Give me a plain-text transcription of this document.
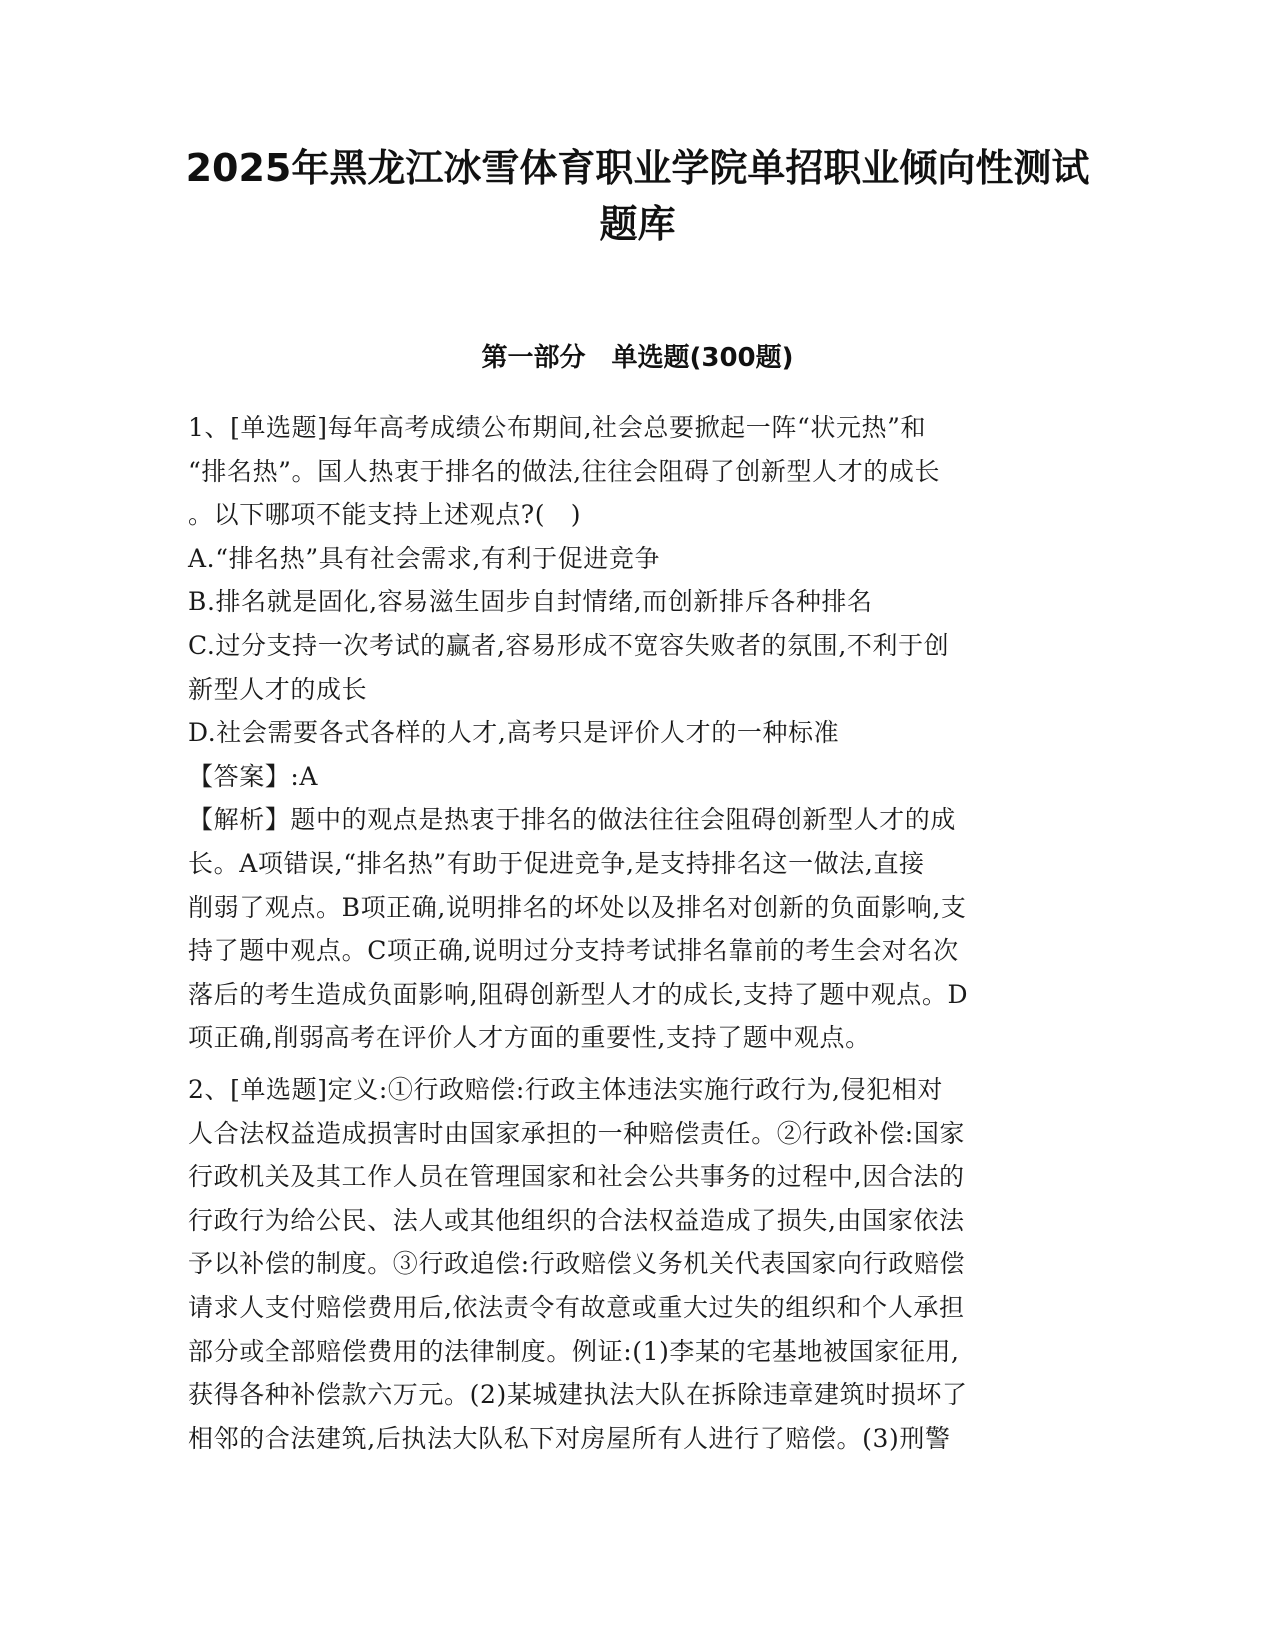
2025年黑龙江冰雪体育职业学院单招职业倾向性测试
题库
第一部分　单选题(300题)
1、[单选题]每年高考成绩公布期间,社会总要掀起一阵“状元热”和
“排名热”。国人热衷于排名的做法,往往会阻碍了创新型人才的成长
。以下哪项不能支持上述观点?(　)
A.“排名热”具有社会需求,有利于促进竞争
B.排名就是固化,容易滋生固步自封情绪,而创新排斥各种排名
C.过分支持一次考试的赢者,容易形成不宽容失败者的氛围,不利于创
新型人才的成长
D.社会需要各式各样的人才,高考只是评价人才的一种标准
【答案】:A
【解析】题中的观点是热衷于排名的做法往往会阻碍创新型人才的成
长。A项错误,“排名热”有助于促进竞争,是支持排名这一做法,直接
削弱了观点。B项正确,说明排名的坏处以及排名对创新的负面影响,支
持了题中观点。C项正确,说明过分支持考试排名靠前的考生会对名次
落后的考生造成负面影响,阻碍创新型人才的成长,支持了题中观点。D
项正确,削弱高考在评价人才方面的重要性,支持了题中观点。
2、[单选题]定义:①行政赔偿:行政主体违法实施行政行为,侵犯相对
人合法权益造成损害时由国家承担的一种赔偿责任。②行政补偿:国家
行政机关及其工作人员在管理国家和社会公共事务的过程中,因合法的
行政行为给公民、法人或其他组织的合法权益造成了损失,由国家依法
予以补偿的制度。③行政追偿:行政赔偿义务机关代表国家向行政赔偿
请求人支付赔偿费用后,依法责令有故意或重大过失的组织和个人承担
部分或全部赔偿费用的法律制度。例证:(1)李某的宅基地被国家征用,
获得各种补偿款六万元。(2)某城建执法大队在拆除违章建筑时损坏了
相邻的合法建筑,后执法大队私下对房屋所有人进行了赔偿。(3)刑警
